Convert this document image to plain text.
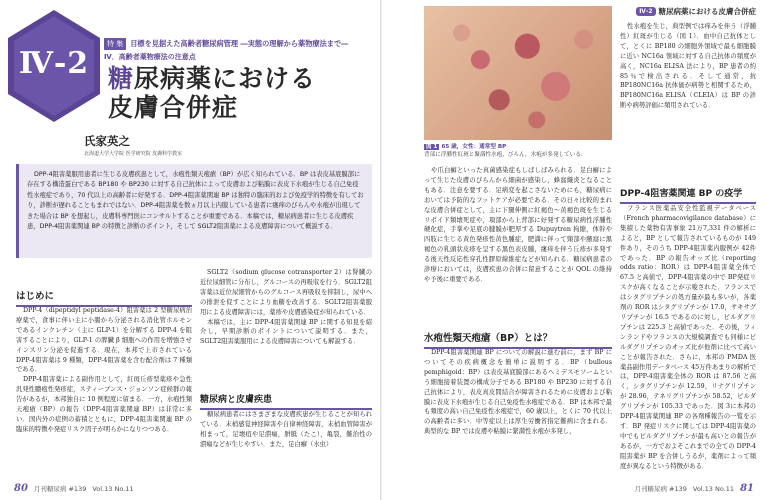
Ⅳ-2
特 集 目標を見据えた高齢者糖尿病管理 ―実態の理解から薬物療法まで―
Ⅳ．高齢者薬物療法の注意点
糖尿病薬における
皮膚合併症
氏家英之
北海道大学大学院 医学研究院 皮膚科学教室
DPP-4阻害薬服用患者に生じる皮膚疾患として，水疱性類天疱瘡（BP）が広く知られている．BP は表皮基底膜部に存在する構造蛋白である BP180 や BP230 に対する自己抗体によって皮膚および粘膜に表皮下水疱が生じる自己免疫性水疱症であり，70 代以上の高齢者に好発する．DPP-4阻害薬関連 BP は独特の臨床的および免疫学的特徴を有しており，診断が遅れることもまれではない．DPP-4阻害薬を数ヵ月以上内服している患者に瘙痒のびらんや水疱が出現してきた場合は BP を想起し，皮膚科専門医にコンサルトすることが重要である．本稿では，糖尿病患者に生じる皮膚疾患，DPP-4阻害薬関連 BP の特徴と診断のポイント，そして SGLT2阻害薬による皮膚障害について概説する．
はじめに

DPP-4（dipeptidyl peptidase-4）阻害薬は 2 型糖尿病治療薬で，食事に伴い主に小腸から分泌される消化管ホルモンであるインクレチン（主に GLP-1）を分解する DPP-4 を阻害することにより，GLP-1 の膵臓 β 細胞への作用を増強させインスリン分泌を促進する．現在，本邦で上市されている DPP-4阻害薬は 9 種類，DPP-4阻害薬を含む配合剤は 7 種類である．

DPP-4阻害薬による副作用として，紅斑丘疹型薬疹や急性汎発性膿疱性発疹症，スティーブンス・ジョンソン症候群の報告があるが，本邦独自に 10 例程度に留まる．一方，水疱性類天疱瘡（BP）の報告（DPP-4阻害薬関連 BP）は非常に多い．国内外の症例の蓄積とともに，DPP-4阻害薬関連 BP の臨床的特徴や発症リスク因子が明らかになりつつある．

SGLT2（sodium glucose cotransporter 2）は腎臓の近位尿細管に分布し，グルコースの再吸収を行う．SGLT2阻害薬は近位尿細管からのグルコース再吸収を抑制し，尿中への排泄を促すことにより血糖を改善する．SGLT2阻害薬服用による皮膚障害には，薬疹や皮膚感染症が知られている．

本稿では，主に DPP-4阻害薬関連 BP に関する知見を紹介し，早期診断のポイントについて説明する．また，SGLT2阻害薬服用による皮膚障害についても解説する．

糖尿病と皮膚疾患

糖尿病患者にはさまざまな皮膚疾患が生じることが知られている．末梢感覚神経障害や自律神経障害，末梢血管障害が相まって，足壊疽や足潰瘍，胼胝（たこ），亀裂，難治性の潰瘍などが生じやすい．また，足白癬（水虫）

80 月刊糖尿病 #139 Vol.13 No.11
Ⅳ-2 糖尿病薬における皮膚合併症
月刊糖尿病 #139 Vol.13 No.11 81
図 1 65 歳，女性：通常型 BP
背部に浮腫性紅斑と緊満性水疱，びらん，水疱が多発している．

や爪白癬といった真菌感染症もしばしばみられる．足白癬によって生じた皮膚のびらんから細菌が感染し，蜂窩織炎となることもある．注意を要する．足病変を起こさないためにも，糖尿病においては予防的なフットケアが必要である．その日々比較的まれな皮膚合併症として，主に下腿伸側に紅褐色〜黄褐色斑を生じるリポイド類壊死症や，項部から上背部に好発する糖尿病性浮腫性硬化症，手掌や足底の腱膜が肥厚する Dupuytren 拘縮，体幹や四肢に生じる黄色発疹性黄色腫症，肥満に伴って頸部や腋窩に黒褐色の乳頭状皮疹を呈する黒色表皮腫，瘙痒を伴う丘疹が多発する後天性反応性穿孔性膠原線維症などが知られる．糖尿病患者の診療においては，皮膚疾患の合併に留意することが QOL の維持や予後に重要である．

水疱性類天疱瘡（BP）とは？

DPP-4阻害薬関連 BP についての解説に進む前に，まず BP についてその疾病概念を簡単に説明する．BP（bullous pemphigoid：BP）は表皮基底膜部にあるヘミデスモソームという細胞接着装置の構成分子である BP180 や BP230 に対する自己抗体により，表皮真皮間結合が障害されるために皮膚および粘膜に表皮下水疱が生じる自己免疫性水疱症である．BP は本邦で最も頻度の高い自己免疫性水疱症で，60 歳以上，とくに 70 代以上の高齢者に多い．中等症以上は厚生労働省指定難病に含まれる．典型的な BP では皮膚や粘膜に緊満性水疱が多発し，

性水疱を生じ，典型例では痒みを伴う（浮腫性）紅斑が生じる（図 1）．血中自己抗体として，とくに BP180 の細胞外領域で最も細胞膜に近い NC16a 領域に対する自己抗体の頻度が高く，NC16a ELISA 法により，BP 患者の約 85％で検出される．そして通常，抗 BP180NC16a 抗体価が病勢と相関するため，BP180NC16a ELISA（CLEIA）は BP の診断や病勢評価に頻用されている．

DPP-4阻害薬関連 BP の疫学

フランス医薬品安全性監視データベース（French pharmacovigilance database）に集積した薬物有害事象 21万7,331 件の解析によると，BP として報告されているものが 149 件あり，そのうち DPP-4阻害薬内服例が 42件であった．BP の報告オッズ比（reporting odds ratio：ROR）は DPP-4阻害薬全体で 67.5 と高値で，DPP-4阻害薬の中で BP発症リスクが高くなることが示唆された．フランスではシタグリプチンの処方量が最も多いが，各薬剤の ROR はシタグリプチンが 17.0，サキサグリプチンが 16.5 であるのに対し，ビルダグリプチンは 225.3 と高値であった．その後，フィンランドやフランスの大規模調査でも同様にビルダグリプチンのオッズ比が他剤に比べて高いことが報告された．さらに，本邦の PMDA 医薬品副作用データベース 45万件あまりの解析では，DPP-4阻害薬全体の ROR は 87.56 と高く，シタグリプチンが 12.59，リナグリプチンが 28.96，テネリグリプチンが 58.52，ビルダグリプチンが 105.33 であった．図 3に本邦の DPP-4阻害薬関連 BP の各剤種報告の一覧を示す．BP 発症リスクに関しては DPP-4阻害薬の中でもビルダグリプチンが最も高いとの報告があるが，一方でおよそこれまでの全ての DPP-4阻害薬が BP を合併しうるが，薬剤によって頻度が異なるという特徴がある．
